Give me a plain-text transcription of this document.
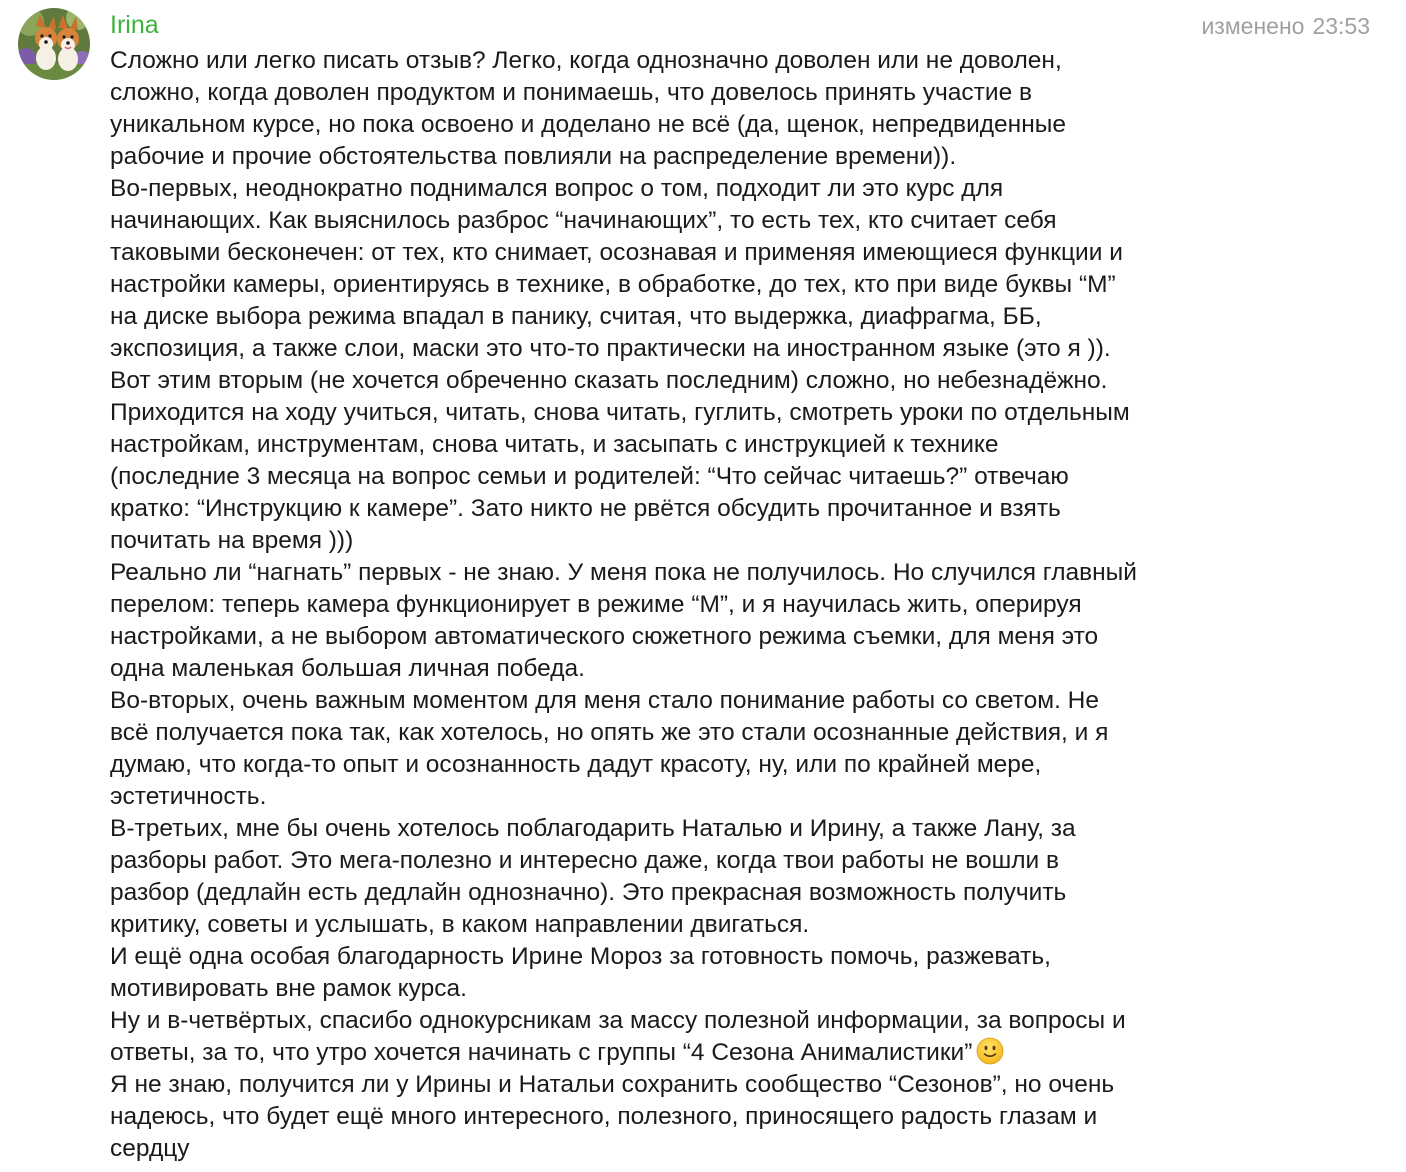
Irina	изменено 23:53
Сложно или легко писать отзыв? Легко, когда однозначно доволен или не доволен,
сложно, когда доволен продуктом и понимаешь, что довелось принять участие в
уникальном курсе, но пока освоено и доделано не всё (да, щенок, непредвиденные
рабочие и прочие обстоятельства повлияли на распределение времени)).
Во-первых, неоднократно поднимался вопрос о том, подходит ли это курс для
начинающих. Как выяснилось разброс “начинающих”, то есть тех, кто считает себя
таковыми бесконечен: от тех, кто снимает, осознавая и применяя имеющиеся функции и
настройки камеры, ориентируясь в технике, в обработке, до тех, кто при виде буквы “М”
на диске выбора режима впадал в панику, считая, что выдержка, диафрагма, ББ,
экспозиция, а также слои, маски это что-то практически на иностранном языке (это я )).
Вот этим вторым (не хочется обреченно сказать последним) сложно, но небезнадёжно.
Приходится на ходу учиться, читать, снова читать, гуглить, смотреть уроки по отдельным
настройкам, инструментам, снова читать, и засыпать с инструкцией к технике
(последние 3 месяца на вопрос семьи и родителей: “Что сейчас читаешь?” отвечаю
кратко: “Инструкцию к камере”. Зато никто не рвётся обсудить прочитанное и взять
почитать на время )))
Реально ли “нагнать” первых - не знаю. У меня пока не получилось. Но случился главный
перелом: теперь камера функционирует в режиме “М”, и я научилась жить, оперируя
настройками, а не выбором автоматического сюжетного режима съемки, для меня это
одна маленькая большая личная победа.
Во-вторых, очень важным моментом для меня стало понимание работы со светом. Не
всё получается пока так, как хотелось, но опять же это стали осознанные действия, и я
думаю, что когда-то опыт и осознанность дадут красоту, ну, или по крайней мере,
эстетичность.
В-третьих, мне бы очень хотелось поблагодарить Наталью и Ирину, а также Лану, за
разборы работ. Это мега-полезно и интересно даже, когда твои работы не вошли в
разбор (дедлайн есть дедлайн однозначно). Это прекрасная возможность получить
критику, советы и услышать, в каком направлении двигаться.
И ещё одна особая благодарность Ирине Мороз за готовность помочь, разжевать,
мотивировать вне рамок курса.
Ну и в-четвёртых, спасибо однокурсникам за массу полезной информации, за вопросы и
ответы, за то, что утро хочется начинать с группы “4 Сезона Анималистики”
Я не знаю, получится ли у Ирины и Натальи сохранить сообщество “Сезонов”, но очень
надеюсь, что будет ещё много интересного, полезного, приносящего радость глазам и
сердцу
